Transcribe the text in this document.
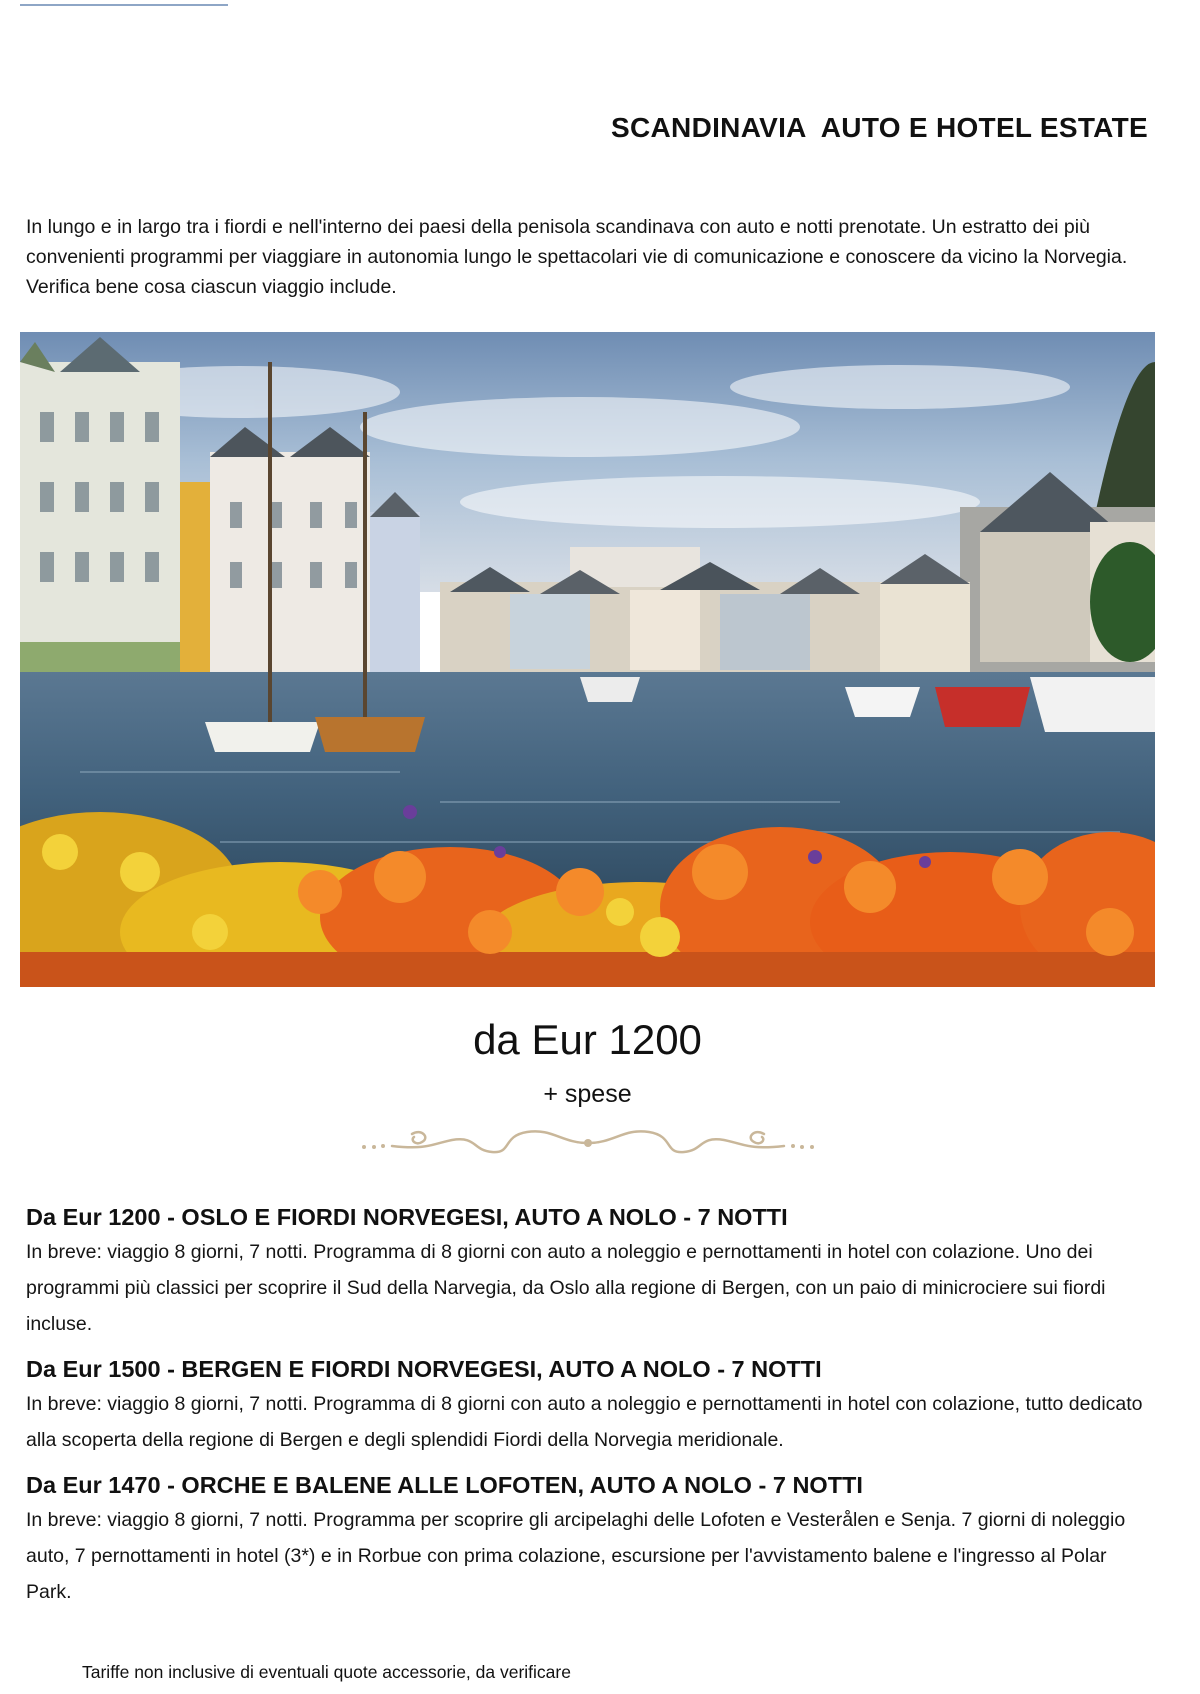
SCANDINAVIA  AUTO E HOTEL ESTATE

In lungo e in largo tra i fiordi e nell'interno dei paesi della penisola scandinava con auto e notti prenotate. Un estratto dei più convenienti programmi per viaggiare in autonomia lungo le spettacolari vie di comunicazione e conoscere da vicino la Norvegia. Verifica bene cosa ciascun viaggio include.

da Eur 1200

+ spese

Da Eur 1200 - OSLO E FIORDI NORVEGESI, AUTO A NOLO - 7 NOTTI

In breve: viaggio 8 giorni, 7 notti. Programma di 8 giorni con auto a noleggio e pernottamenti in hotel con colazione. Uno dei programmi più classici per scoprire il Sud della Narvegia, da Oslo alla regione di Bergen, con un paio di minicrociere sui fiordi incluse.

Da Eur 1500 - BERGEN E FIORDI NORVEGESI, AUTO A NOLO - 7 NOTTI

In breve: viaggio 8 giorni, 7 notti. Programma di 8 giorni con auto a noleggio e pernottamenti in hotel con colazione, tutto dedicato alla scoperta della regione di Bergen e degli splendidi Fiordi della Norvegia meridionale.

Da Eur 1470 - ORCHE E BALENE ALLE LOFOTEN, AUTO A NOLO - 7 NOTTI

In breve: viaggio 8 giorni, 7 notti. Programma per scoprire gli arcipelaghi delle Lofoten e Vesterålen e Senja. 7 giorni di noleggio auto, 7 pernottamenti in hotel (3*) e in Rorbue con prima colazione, escursione per l'avvistamento balene e l'ingresso al Polar Park.

Tariffe non inclusive di eventuali quote accessorie, da verificare
